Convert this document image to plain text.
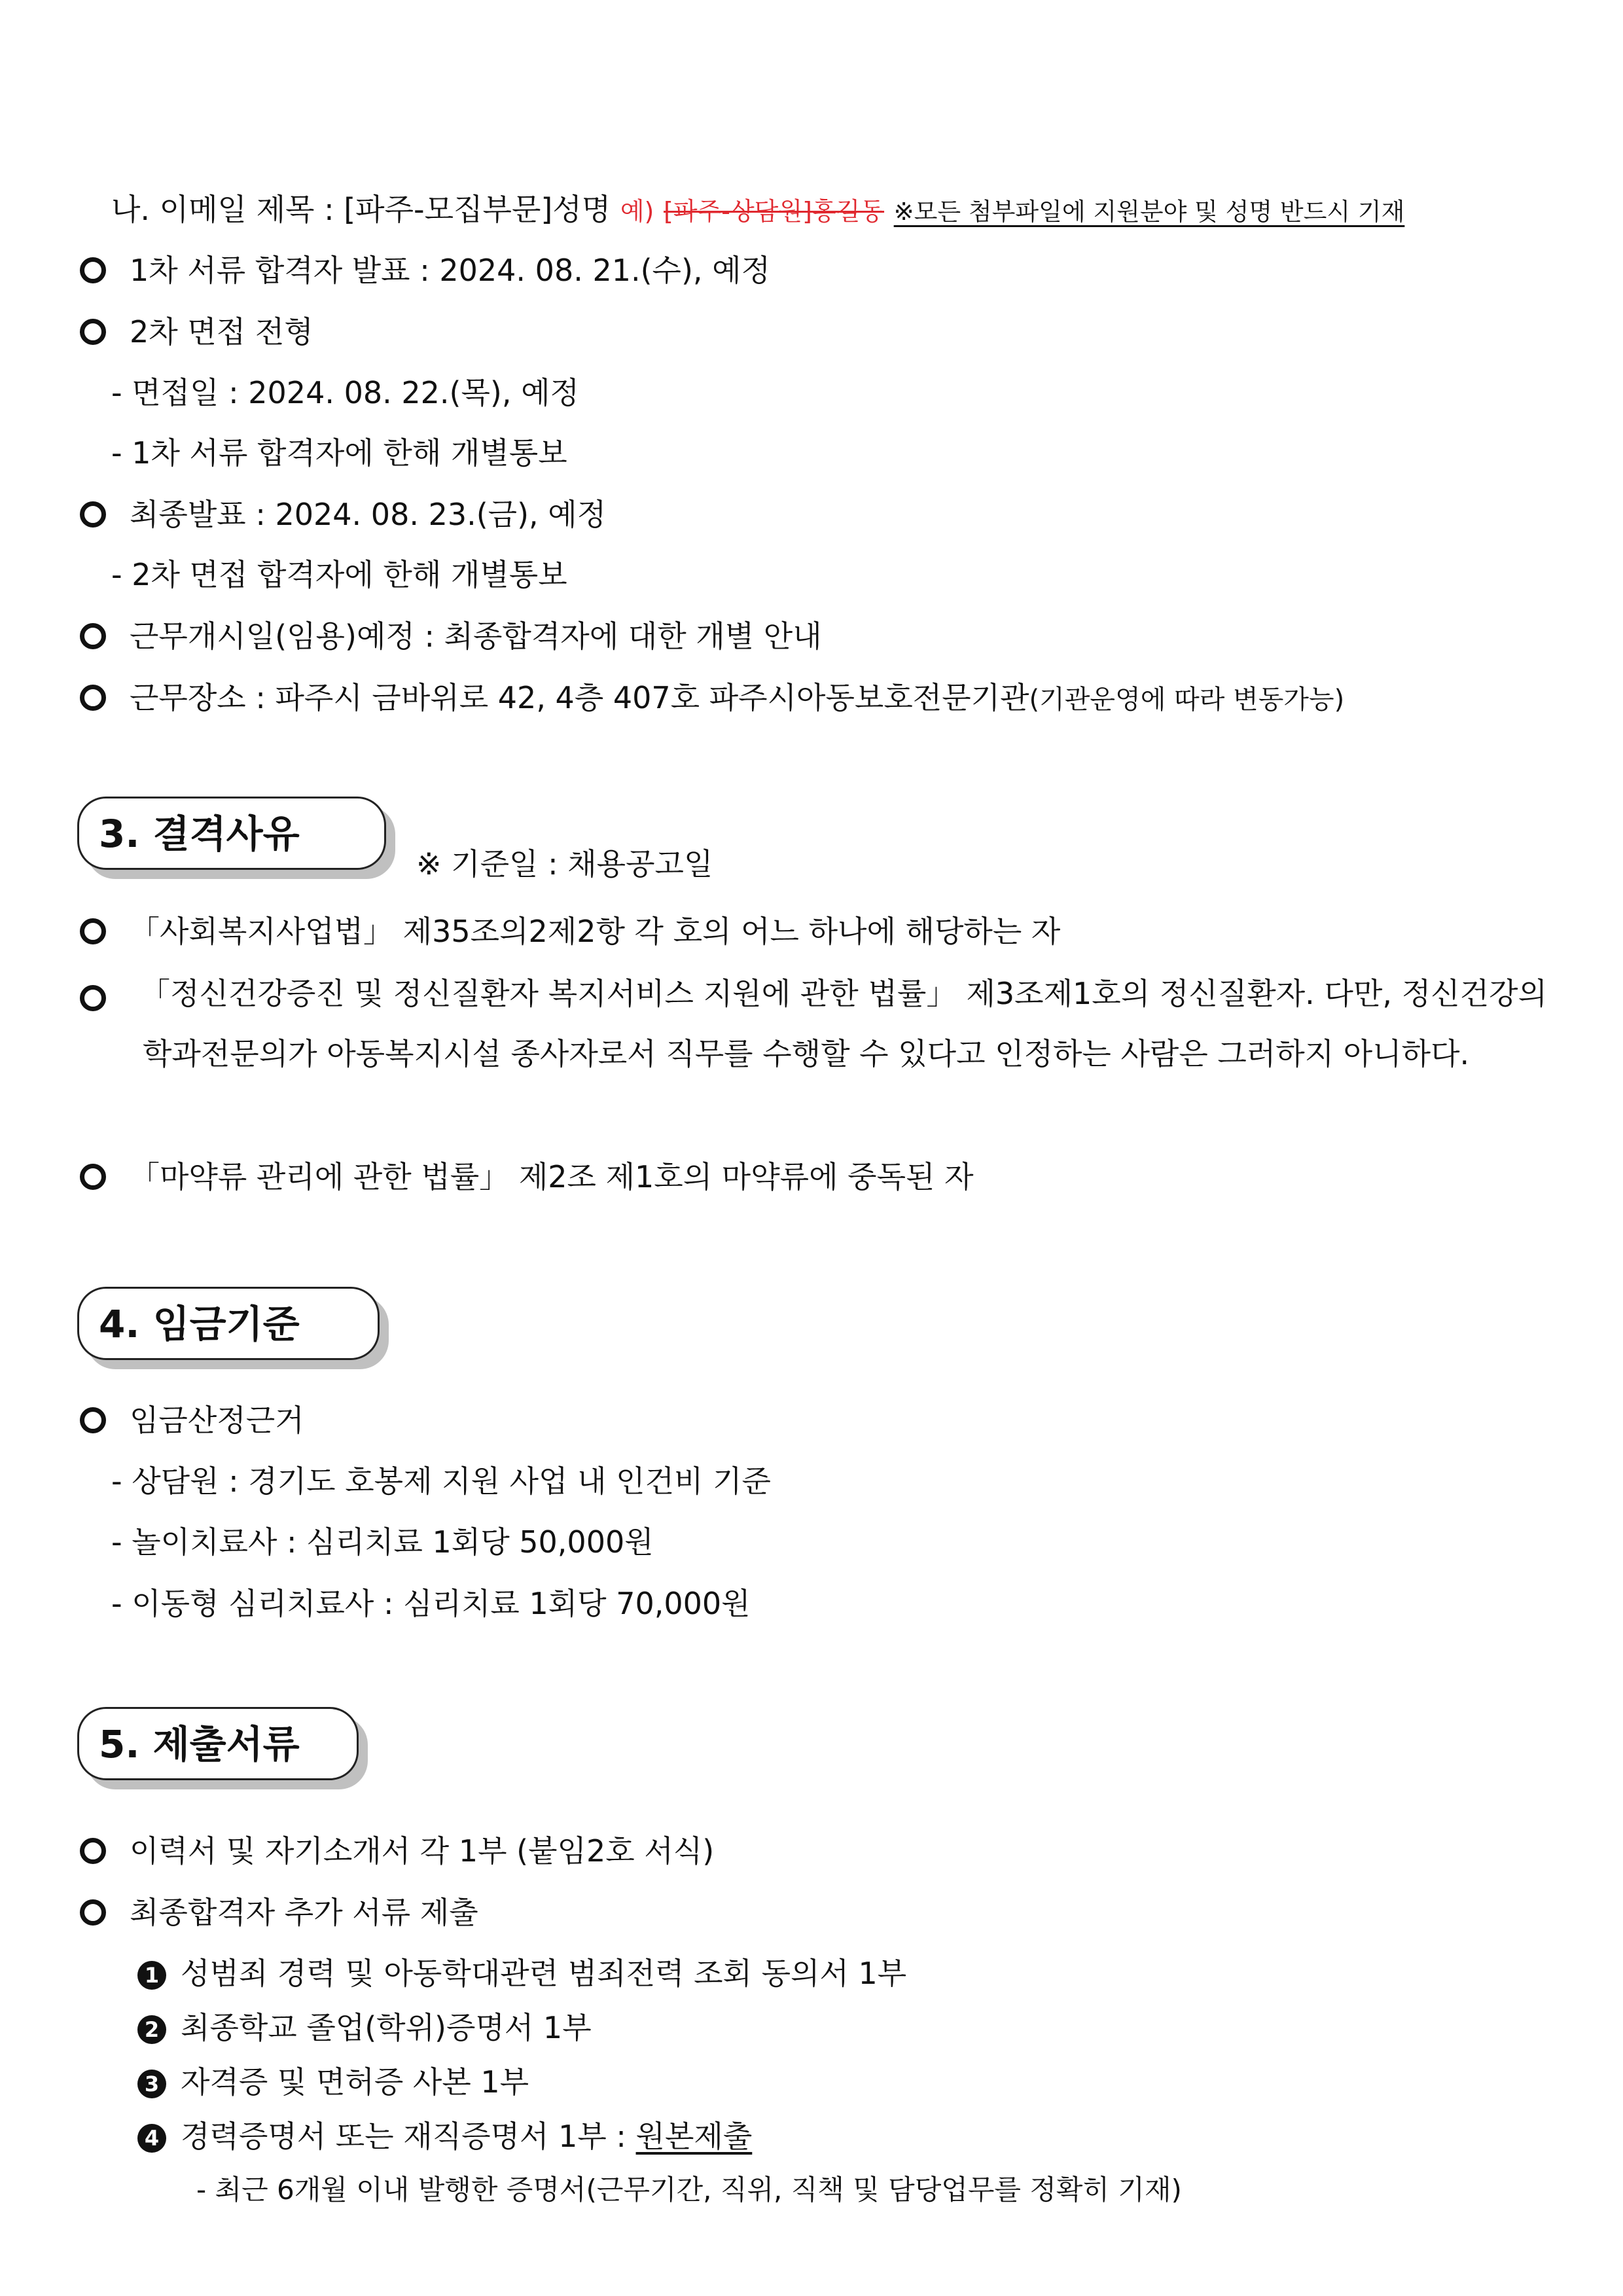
나. 이메일 제목 : [파주-모집부문]성명 예) [파주-상담원]홍길동 ※모든 첨부파일에 지원분야 및 성명 반드시 기재
1차 서류 합격자 발표 : 2024. 08. 21.(수), 예정
2차 면접 전형
- 면접일 : 2024. 08. 22.(목), 예정
- 1차 서류 합격자에 한해 개별통보
최종발표 : 2024. 08. 23.(금), 예정
- 2차 면접 합격자에 한해 개별통보
근무개시일(임용)예정 : 최종합격자에 대한 개별 안내
근무장소 : 파주시 금바위로 42, 4층 407호 파주시아동보호전문기관(기관운영에 따라 변동가능)
3. 결격사유
※ 기준일 : 채용공고일
「사회복지사업법」 제35조의2제2항 각 호의 어느 하나에 해당하는 자
「정신건강증진 및 정신질환자 복지서비스 지원에 관한 법률」 제3조제1호의 정신질환자. 다만, 정신건강의학과전문의가 아동복지시설 종사자로서 직무를 수행할 수 있다고 인정하는 사람은 그러하지 아니하다.
「마약류 관리에 관한 법률」 제2조 제1호의 마약류에 중독된 자
4. 임금기준
임금산정근거
- 상담원 : 경기도 호봉제 지원 사업 내 인건비 기준
- 놀이치료사 : 심리치료 1회당 50,000원
- 이동형 심리치료사 : 심리치료 1회당 70,000원
5. 제출서류
이력서 및 자기소개서 각 1부 (붙임2호 서식)
최종합격자 추가 서류 제출
1 성범죄 경력 및 아동학대관련 범죄전력 조회 동의서 1부
2 최종학교 졸업(학위)증명서 1부
3 자격증 및 면허증 사본 1부
4 경력증명서 또는 재직증명서 1부 : 원본제출
- 최근 6개월 이내 발행한 증명서(근무기간, 직위, 직책 및 담당업무를 정확히 기재)
